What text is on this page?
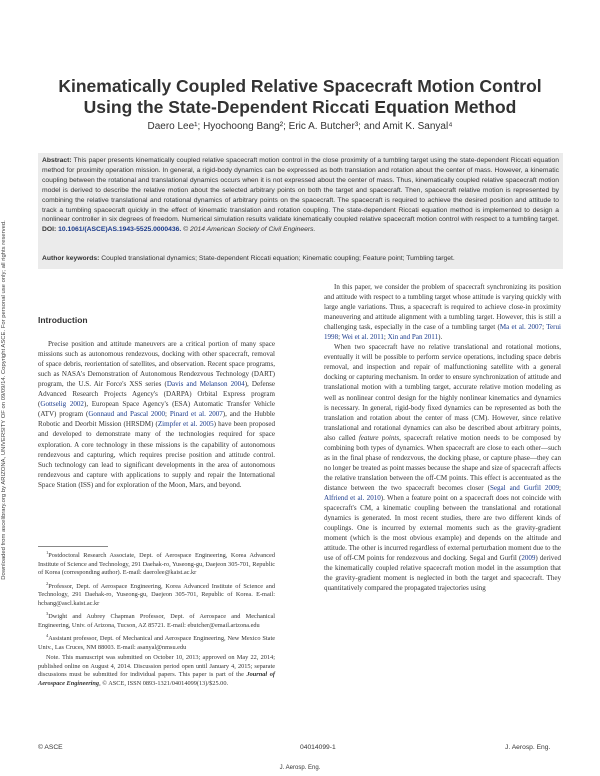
Kinematically Coupled Relative Spacecraft Motion Control
Using the State-Dependent Riccati Equation Method
Daero Lee¹; Hyochoong Bang²; Eric A. Butcher³; and Amit K. Sanyal⁴
Downloaded from ascelibrary.org by ARIZONA, UNIVERSITY OF on 09/09/14. Copyright ASCE. For personal use only; all rights reserved.
Abstract: This paper presents kinematically coupled relative spacecraft motion control in the close proximity of a tumbling target using the state-dependent Riccati equation method for proximity operation mission. In general, a rigid-body dynamics can be expressed as both translation and rotation about the center of mass. However, a kinematic coupling between the rotational and translational dynamics occurs when it is not expressed about the center of mass. Thus, kinematically coupled relative spacecraft motion model is derived to describe the relative motion about the selected arbitrary points on both the target and spacecraft. Then, spacecraft relative motion is represented by combining the relative translational and rotational dynamics of arbitrary points on the spacecraft. The spacecraft is required to achieve the desired position and attitude to track a tumbling spacecraft quickly in the effect of kinematic translation and rotation coupling. The state-dependent Riccati equation method is implemented to design a nonlinear controller in six degrees of freedom. Numerical simulation results validate kinematically coupled relative spacecraft motion control with respect to a tumbling target. DOI: 10.1061/(ASCE)AS.1943-5525.0000436. © 2014 American Society of Civil Engineers.
Author keywords: Coupled translational dynamics; State-dependent Riccati equation; Kinematic coupling; Feature point; Tumbling target.
Introduction

Precise position and attitude maneuvers are a critical portion of many space missions such as autonomous rendezvous, docking with other spacecraft, removal of space debris, reorientation of satellites, and observation. Recent space programs, such as NASA's Demonstration of Autonomous Rendezvous Technology (DART) program, the U.S. Air Force's XSS series (Davis and Melanson 2004), Defense Advanced Research Projects Agency's (DARPA) Orbital Express program (Gottselig 2002), European Space Agency's (ESA) Automatic Transfer Vehicle (ATV) program (Gonnaud and Pascal 2000; Pinard et al. 2007), and the Hubble Robotic and Deorbit Mission (HRSDM) (Zimpfer et al. 2005) have been proposed and developed to demonstrate many of the technologies required for space exploration. A core technology in these missions is the capability of autonomous rendezvous and capturing, which requires precise position and attitude control. Such technology can lead to significant developments in the area of autonomous rendezvous and capture with applications to supply and repair the International Space Station (ISS) and for exploration of the Moon, Mars, and beyond.

In this paper, we consider the problem of spacecraft synchronizing its position and attitude with respect to a tumbling target whose attitude is varying quickly with large angle variations. Thus, a spacecraft is required to achieve close-in proximity maneuvering and attitude alignment with a tumbling target. However, this is still a challenging task, especially in the case of a tumbling target (Ma et al. 2007; Terui 1998; Wei et al. 2011; Xin and Pan 2011).

When two spacecraft have no relative translational and rotational motions, eventually it will be possible to perform service operations, including space debris removal, and inspection and repair of malfunctioning satellite with a general docking or capturing mechanism. In order to ensure synchronization of attitude and translational motion with a tumbling target, accurate relative motion modeling as well as nonlinear control design for the highly nonlinear kinematics and dynamics is necessary. In general, rigid-body fixed dynamics can be represented as both the translation and rotation about the center of mass (CM). However, since relative translational and rotational dynamics can also be described about arbitrary points, also called feature points, spacecraft relative motion needs to be composed by combining both types of dynamics. When spacecraft are close to each other—such as in the final phase of rendezvous, the docking phase, or capture phase—they can no longer be treated as point masses because the shape and size of spacecraft affects the relative translation between the off-CM points. This effect is accentuated as the distance between the two spacecraft becomes closer (Segal and Gurfil 2009; Alfriend et al. 2010). When a feature point on a spacecraft does not coincide with spacecraft's CM, a kinematic coupling between the translational and rotational dynamics is generated. In most recent studies, there are two different kinds of couplings. One is incurred by external moments such as the gravity-gradient moment (which is the most obvious example) and depends on the altitude and attitude. The other is incurred regardless of external perturbation moment due to the use of off-CM points for rendezvous and docking. Segal and Gurfil (2009) derived the kinematically coupled relative spacecraft motion model in the assumption that the gravity-gradient moment is neglected in both the target and spacecraft. They quantitatively compared the propagated trajectories using

$^1$Postdoctoral Research Associate, Dept. of Aerospace Engineering, Korea Advanced Institute of Science and Technology, 291 Daehak-ro, Yuseong-gu, Daejeon 305-701, Republic of Korea (corresponding author). E-mail: daerolee@kaist.ac.kr

$^2$Professor, Dept. of Aerospace Engineering, Korea Advanced Institute of Science and Technology, 291 Daehak-ro, Yuseong-gu, Daejeon 305-701, Republic of Korea. E-mail: hcbang@ascl.kaist.ac.kr

$^3$Dwight and Aubrey Chapman Professor, Dept. of Aerospace and Mechanical Engineering, Univ. of Arizona, Tucson, AZ 85721. E-mail: ebutcher@email.arizona.edu

$^4$Assistant professor, Dept. of Mechanical and Aerospace Engineering, New Mexico State Univ., Las Cruces, NM 88003. E-mail: asanyal@nmsu.edu

Note. This manuscript was submitted on October 10, 2013; approved on May 22, 2014; published online on August 4, 2014. Discussion period open until January 4, 2015; separate discussions must be submitted for individual papers. This paper is part of the Journal of Aerospace Engineering, © ASCE, ISSN 0893-1321/04014099(13)/$25.00.

© ASCE	04014099-1	J. Aerosp. Eng.
J. Aerosp. Eng.
